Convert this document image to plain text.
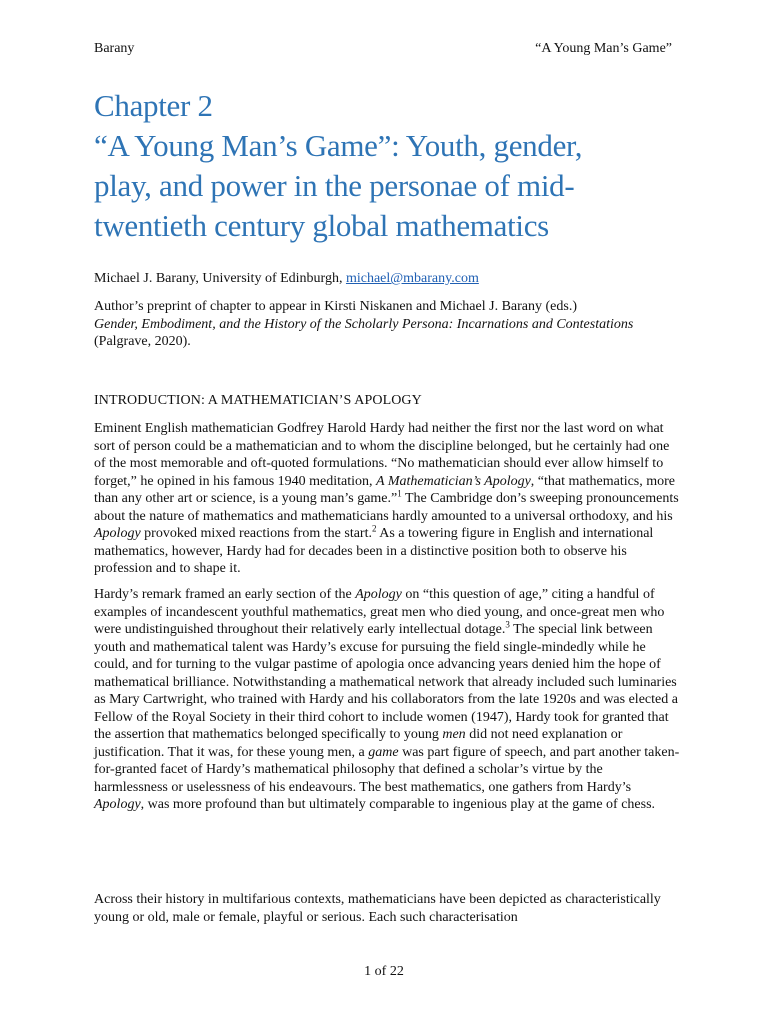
Barany	“A Young Man’s Game”
Chapter 2
“A Young Man’s Game”: Youth, gender,
play, and power in the personae of mid-
twentieth century global mathematics

Michael J. Barany, University of Edinburgh, michael@mbarany.com

Author’s preprint of chapter to appear in Kirsti Niskanen and Michael J. Barany (eds.)
Gender, Embodiment, and the History of the Scholarly Persona: Incarnations and Contestations (Palgrave, 2020).

INTRODUCTION: A MATHEMATICIAN’S APOLOGY

Eminent English mathematician Godfrey Harold Hardy had neither the first nor the last word on what sort of person could be a mathematician and to whom the discipline belonged, but he certainly had one of the most memorable and oft-quoted formulations. “No mathematician should ever allow himself to forget,” he opined in his famous 1940 meditation, A Mathematician’s Apology, “that mathematics, more than any other art or science, is a young man’s game.”$^1$ The Cambridge don’s sweeping pronouncements about the nature of mathematics and mathematicians hardly amounted to a universal orthodoxy, and his Apology provoked mixed reactions from the start.$^2$ As a towering figure in English and international mathematics, however, Hardy had for decades been in a distinctive position both to observe his profession and to shape it.

Hardy’s remark framed an early section of the Apology on “this question of age,” citing a handful of examples of incandescent youthful mathematics, great men who died young, and once-great men who were undistinguished throughout their relatively early intellectual dotage.$^3$ The special link between youth and mathematical talent was Hardy’s excuse for pursuing the field single-mindedly while he could, and for turning to the vulgar pastime of apologia once advancing years denied him the hope of mathematical brilliance. Notwithstanding a mathematical network that already included such luminaries as Mary Cartwright, who trained with Hardy and his collaborators from the late 1920s and was elected a Fellow of the Royal Society in their third cohort to include women (1947), Hardy took for granted that the assertion that mathematics belonged specifically to young men did not need explanation or justification. That it was, for these young men, a game was part figure of speech, and part another taken-for-granted facet of Hardy’s mathematical philosophy that defined a scholar’s virtue by the harmlessness or uselessness of his endeavours. The best mathematics, one gathers from Hardy’s Apology, was more profound than but ultimately comparable to ingenious play at the game of chess.

Across their history in multifarious contexts, mathematicians have been depicted as characteristically young or old, male or female, playful or serious. Each such characterisation

1 of 22
